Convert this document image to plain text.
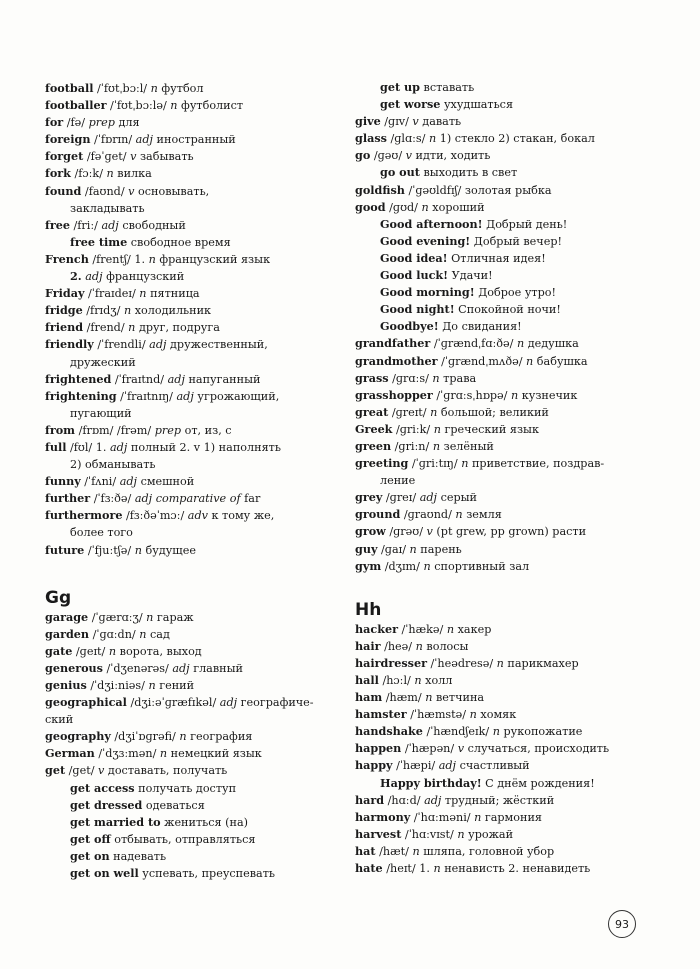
football /ˈfʊtˌbɔːl/ n футбол
footballer /ˈfʊtˌbɔːlə/ n футболист
for /fə/ prep для
foreign /ˈfɒrɪn/ adj иностранный
forget /fəˈɡet/ v забывать
fork /fɔːk/ n вилка
found /faʊnd/ v основывать,
закладывать
free /friː/ adj свободный
free time свободное время
French /frentʃ/ 1. n французский язык
2. adj французский
Friday /ˈfraɪdeɪ/ n пятница
fridge /frɪdʒ/ n холодильник
friend /frend/ n друг, подруга
friendly /ˈfrendli/ adj дружественный,
дружеский
frightened /ˈfraɪtnd/ adj напуганный
frightening /ˈfraɪtnɪŋ/ adj угрожающий,
пугающий
from /frɒm/ /frəm/ prep от, из, с
full /fʊl/ 1. adj полный 2. v 1) наполнять
2) обманывать
funny /ˈfʌni/ adj смешной
further /ˈfɜːðə/ adj comparative of far
furthermore /fɜːðəˈmɔː/ adv к тому же,
более того
future /ˈfjuːtʃə/ n будущее
Gg
garage /ˈɡærɑːʒ/ n гараж
garden /ˈɡɑːdn/ n сад
gate /ɡeɪt/ n ворота, выход
generous /ˈdʒenərəs/ adj главный
genius /ˈdʒiːniəs/ n гений
geographical /dʒiːəˈɡræfɪkəl/ adj географиче-
ский
geography /dʒiˈɒɡrəfi/ n география
German /ˈdʒɜːmən/ n немецкий язык
get /ɡet/ v доставать, получать
get access получать доступ
get dressed одеваться
get married to жениться (на)
get off отбывать, отправляться
get on надевать
get on well успевать, преуспевать
get up вставать
get worse ухудшаться
give /ɡɪv/ v давать
glass /ɡlɑːs/ n 1) стекло 2) стакан, бокал
go /ɡəʊ/ v идти, ходить
go out выходить в свет
goldfish /ˈɡəʊldfɪʃ/ золотая рыбка
good /ɡʊd/ n хороший
Good afternoon! Добрый день!
Good evening! Добрый вечер!
Good idea! Отличная идея!
Good luck! Удачи!
Good morning! Доброе утро!
Good night! Спокойной ночи!
Goodbye! До свидания!
grandfather /ˈɡrændˌfɑːðə/ n дедушка
grandmother /ˈɡrændˌmʌðə/ n бабушка
grass /ɡrɑːs/ n трава
grasshopper /ˈɡrɑːsˌhɒpə/ n кузнечик
great /ɡreɪt/ n большой; великий
Greek /ɡriːk/ n греческий язык
green /ɡriːn/ n зелёный
greeting /ˈɡriːtɪŋ/ n приветствие, поздрав-
ление
grey /ɡreɪ/ adj серый
ground /ɡraʊnd/ n земля
grow /ɡrəʊ/ v (pt grew, pp grown) расти
guy /ɡaɪ/ n парень
gym /dʒɪm/ n спортивный зал
Hh
hacker /ˈhækə/ n хакер
hair /heə/ n волосы
hairdresser /ˈheədresə/ n парикмахер
hall /hɔːl/ n холл
ham /hæm/ n ветчина
hamster /ˈhæmstə/ n хомяк
handshake /ˈhændʃeɪk/ n рукопожатие
happen /ˈhæpən/ v случаться, происходить
happy /ˈhæpi/ adj счастливый
Happy birthday! С днём рождения!
hard /hɑːd/ adj трудный; жёсткий
harmony /ˈhɑːməni/ n гармония
harvest /ˈhɑːvɪst/ n урожай
hat /hæt/ n шляпа, головной убор
hate /heɪt/ 1. n ненависть 2. ненавидеть
93
